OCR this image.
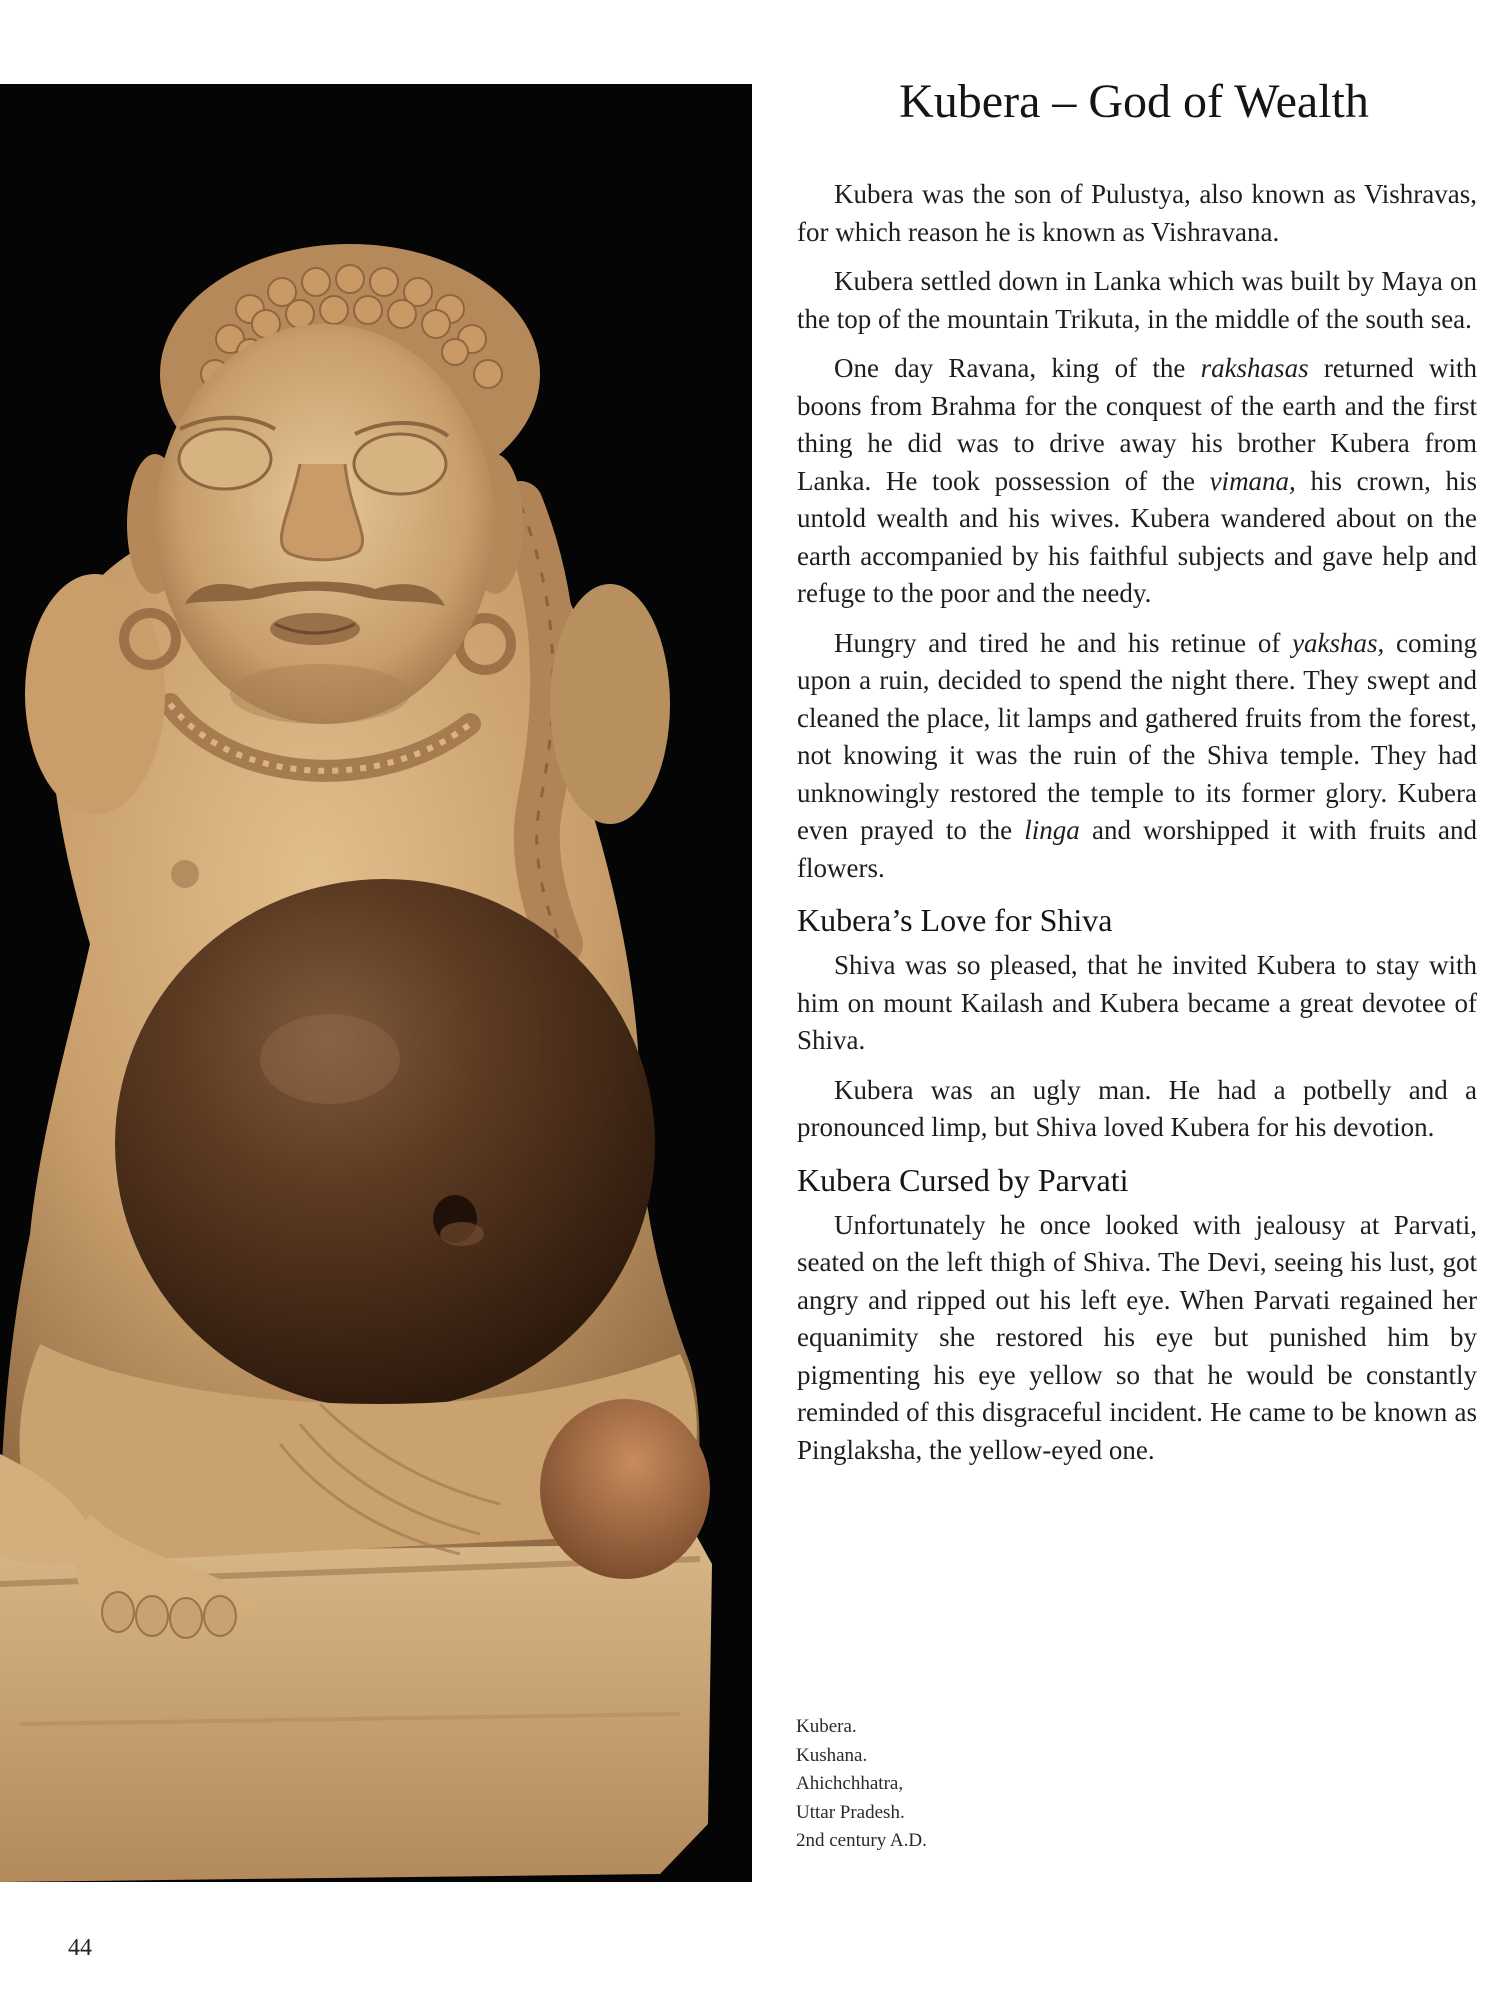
Kubera – God of Wealth

Kubera was the son of Pulustya, also known as Vishravas, for which reason he is known as Vishravana.

Kubera settled down in Lanka which was built by Maya on the top of the mountain Trikuta, in the middle of the south sea.

One day Ravana, king of the rakshasas returned with boons from Brahma for the conquest of the earth and the first thing he did was to drive away his brother Kubera from Lanka. He took possession of the vimana, his crown, his untold wealth and his wives. Kubera wandered about on the earth accompanied by his faithful subjects and gave help and refuge to the poor and the needy.

Hungry and tired he and his retinue of yakshas, coming upon a ruin, decided to spend the night there. They swept and cleaned the place, lit lamps and gathered fruits from the forest, not knowing it was the ruin of the Shiva temple. They had unknowingly restored the temple to its former glory. Kubera even prayed to the linga and worshipped it with fruits and flowers.

Kubera’s Love for Shiva

Shiva was so pleased, that he invited Kubera to stay with him on mount Kailash and Kubera became a great devotee of Shiva.

Kubera was an ugly man. He had a potbelly and a pronounced limp, but Shiva loved Kubera for his devotion.

Kubera Cursed by Parvati

Unfortunately he once looked with jealousy at Parvati, seated on the left thigh of Shiva. The Devi, seeing his lust, got angry and ripped out his left eye. When Parvati regained her equanimity she restored his eye but punished him by pigmenting his eye yellow so that he would be constantly reminded of this disgraceful incident. He came to be known as Pinglaksha, the yellow-eyed one.

Kubera.
Kushana.
Ahichchhatra,
Uttar Pradesh.
2nd century A.D.
44
